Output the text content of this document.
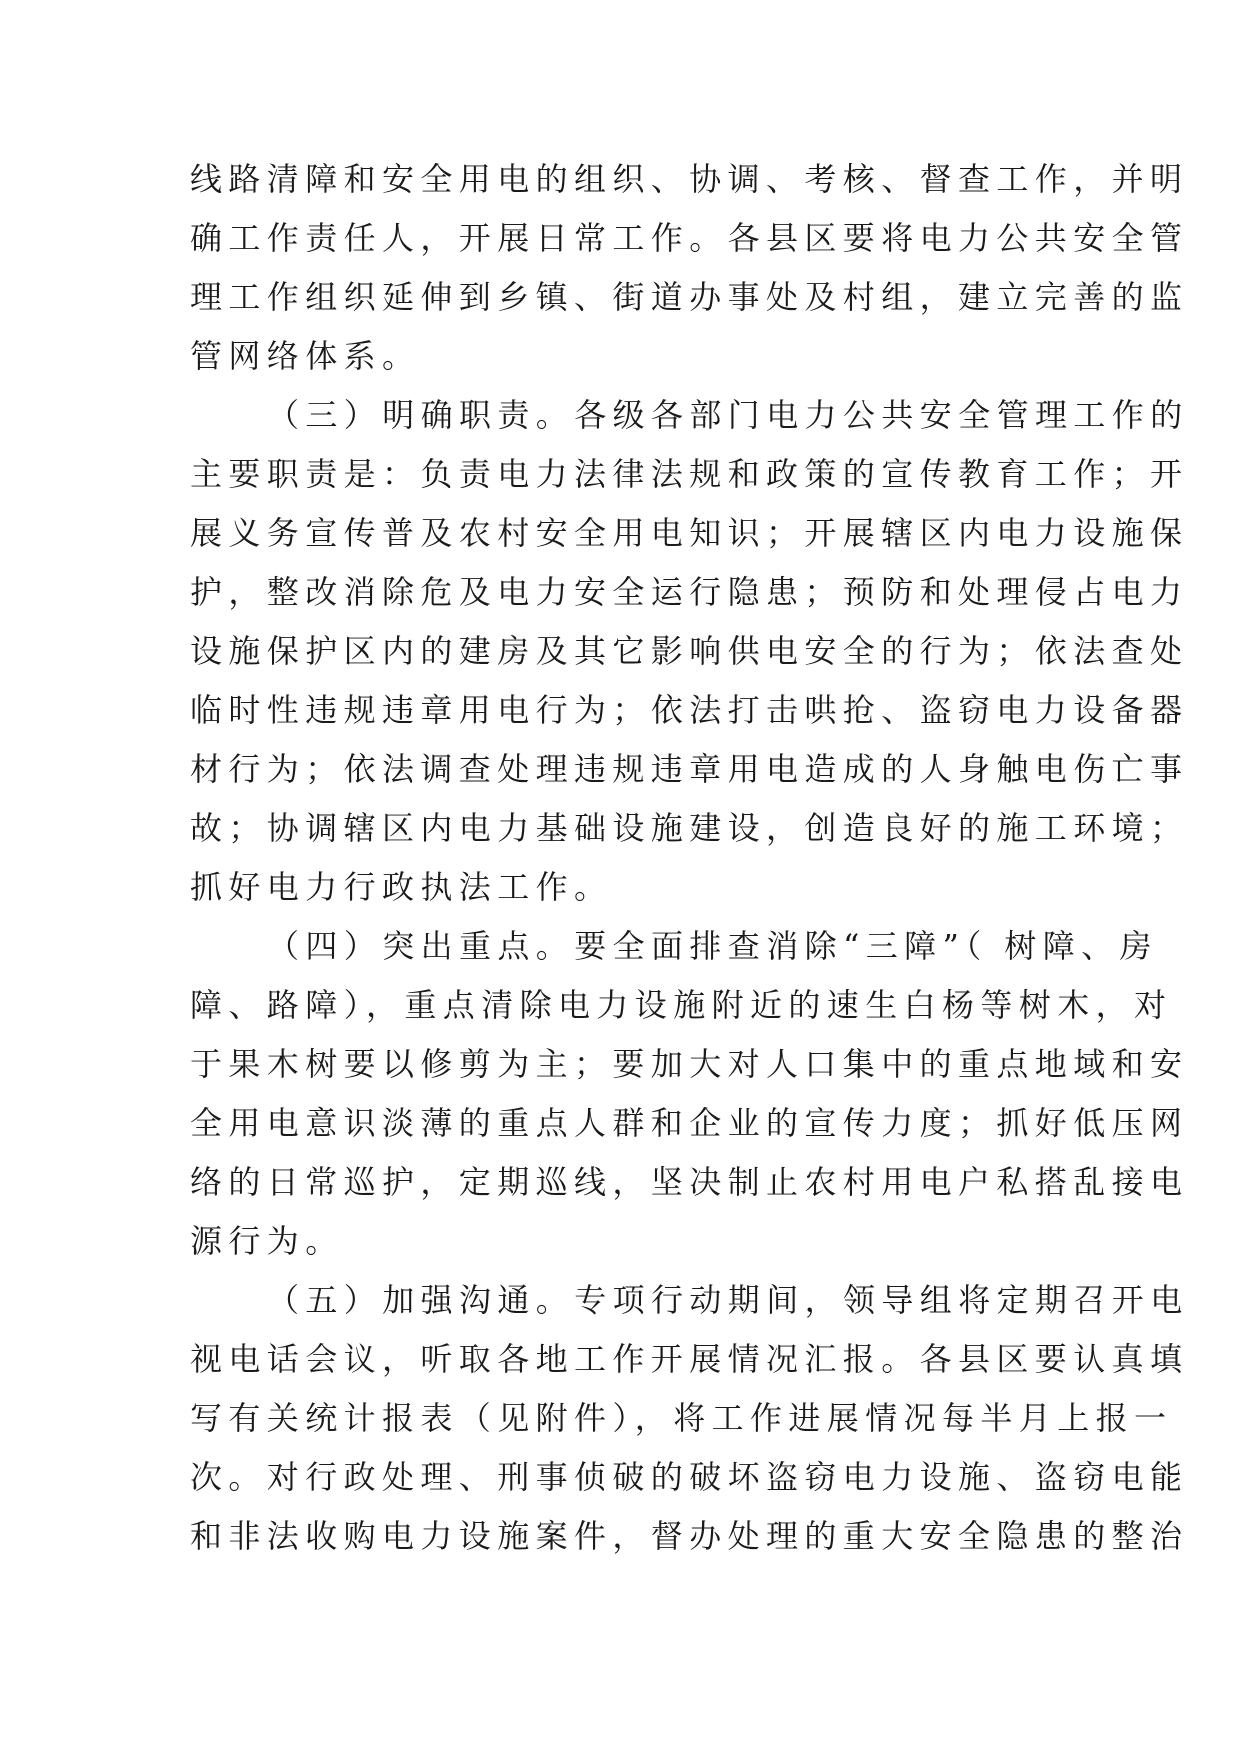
线路清障和安全用电的组织、协调、考核、督查工作，并明
确工作责任人，开展日常工作。各县区要将电力公共安全管
理工作组织延伸到乡镇、街道办事处及村组，建立完善的监
管网络体系。
（三）明确职责。各级各部门电力公共安全管理工作的
主要职责是：负责电力法律法规和政策的宣传教育工作；开
展义务宣传普及农村安全用电知识；开展辖区内电力设施保
护，整改消除危及电力安全运行隐患；预防和处理侵占电力
设施保护区内的建房及其它影响供电安全的行为；依法查处
临时性违规违章用电行为；依法打击哄抢、盗窃电力设备器
材行为；依法调查处理违规违章用电造成的人身触电伤亡事
故；协调辖区内电力基础设施建设，创造良好的施工环境；
抓好电力行政执法工作。
（四）突出重点。要全面排查消除“三障”（ 树障、房
障、路障），重点清除电力设施附近的速生白杨等树木，对
于果木树要以修剪为主；要加大对人口集中的重点地域和安
全用电意识淡薄的重点人群和企业的宣传力度；抓好低压网
络的日常巡护，定期巡线，坚决制止农村用电户私搭乱接电
源行为。
（五）加强沟通。专项行动期间，领导组将定期召开电
视电话会议，听取各地工作开展情况汇报。各县区要认真填
写有关统计报表（见附件），将工作进展情况每半月上报一
次。对行政处理、刑事侦破的破坏盗窃电力设施、盗窃电能
和非法收购电力设施案件，督办处理的重大安全隐患的整治
